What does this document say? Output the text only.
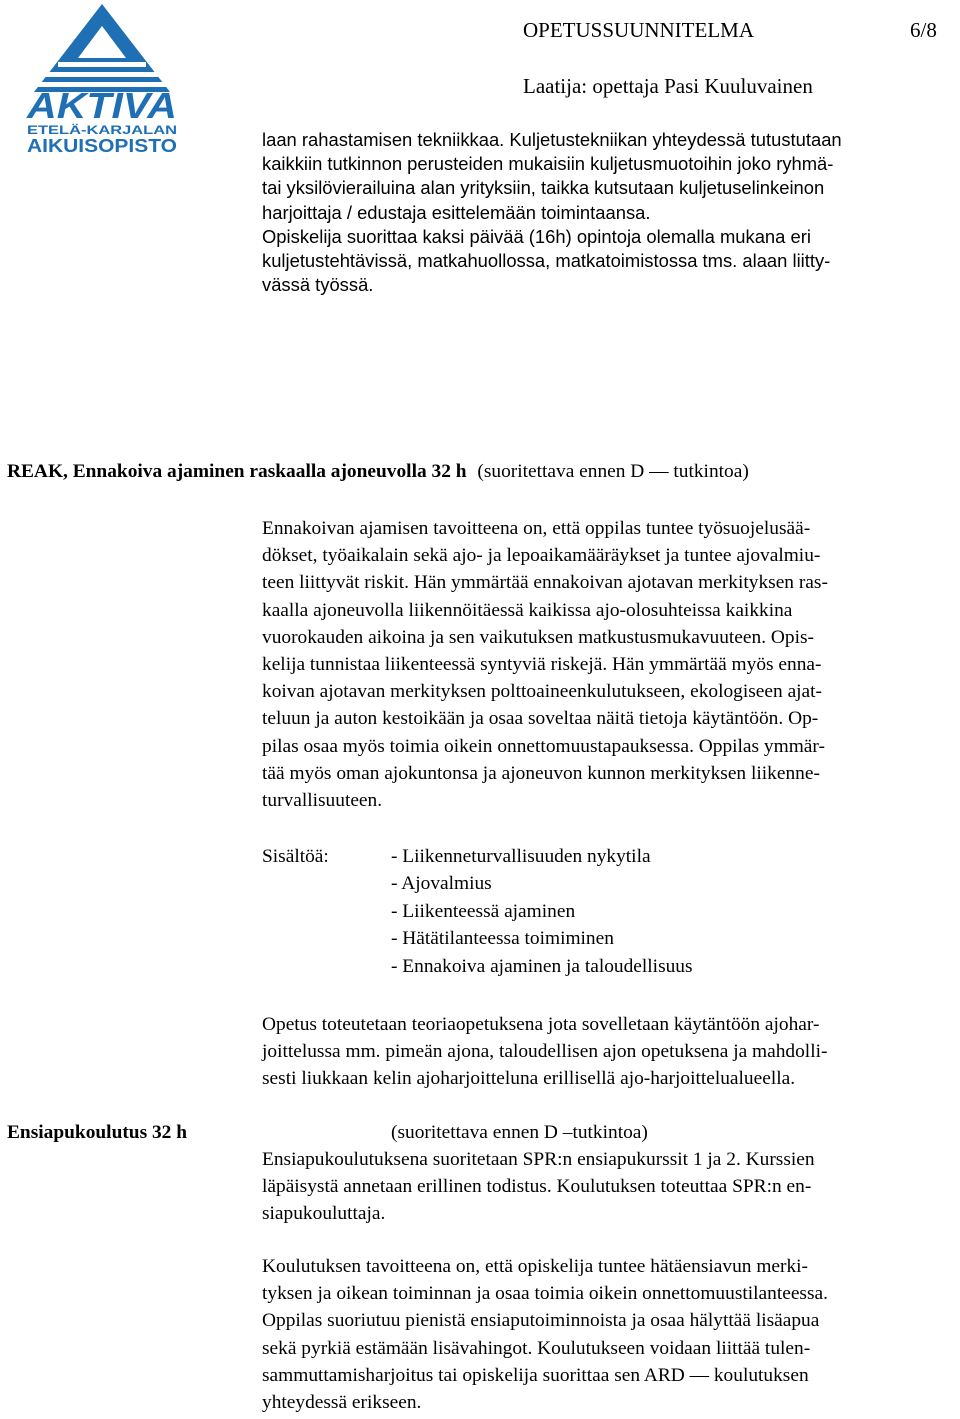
AKTIVA
ETELÄ-KARJALAN
AIKUISOPISTO
OPETUSSUUNNITELMA	6/8
Laatija: opettaja Pasi Kuuluvainen

laan rahastamisen tekniikkaa. Kuljetustekniikan yhteydessä tutustutaan

kaikkiin tutkinnon perusteiden mukaisiin kuljetusmuotoihin joko ryhmä-

tai yksilövierailuina alan yrityksiin, taikka kutsutaan kuljetuselinkeinon

harjoittaja / edustaja esittelemään toimintaansa.

Opiskelija suorittaa kaksi päivää (16h) opintoja olemalla mukana eri

kuljetustehtävissä, matkahuollossa, matkatoimistossa tms. alaan liitty-

vässä työssä.

REAK, Ennakoiva ajaminen raskaalla ajoneuvolla 32 h (suoritettava ennen D — tutkintoa)

Ennakoivan ajamisen tavoitteena on, että oppilas tuntee työsuojelusää-

dökset, työaikalain sekä ajo- ja lepoaikamääräykset ja tuntee ajovalmiu-

teen liittyvät riskit. Hän ymmärtää ennakoivan ajotavan merkityksen ras-

kaalla ajoneuvolla liikennöitäessä kaikissa ajo-olosuhteissa kaikkina

vuorokauden aikoina ja sen vaikutuksen matkustusmukavuuteen. Opis-

kelija tunnistaa liikenteessä syntyviä riskejä. Hän ymmärtää myös enna-

koivan ajotavan merkityksen polttoaineenkulutukseen, ekologiseen ajat-

teluun ja auton kestoikään ja osaa soveltaa näitä tietoja käytäntöön. Op-

pilas osaa myös toimia oikein onnettomuustapauksessa. Oppilas ymmär-

tää myös oman ajokuntonsa ja ajoneuvon kunnon merkityksen liikenne-

turvallisuuteen.

Sisältöä:	- Liikenneturvallisuuden nykytila

- Ajovalmius

- Liikenteessä ajaminen

- Hätätilanteessa toimiminen

- Ennakoiva ajaminen ja taloudellisuus

Opetus toteutetaan teoriaopetuksena jota sovelletaan käytäntöön ajohar-

joittelussa mm. pimeän ajona, taloudellisen ajon opetuksena ja mahdolli-

sesti liukkaan kelin ajoharjoitteluna erillisellä ajo-harjoittelualueella.

Ensiapukoulutus 32 h	(suoritettava ennen D –tutkintoa)

Ensiapukoulutuksena suoritetaan SPR:n ensiapukurssit 1 ja 2. Kurssien

läpäisystä annetaan erillinen todistus. Koulutuksen toteuttaa SPR:n en-

siapukouluttaja.

Koulutuksen tavoitteena on, että opiskelija tuntee hätäensiavun merki-

tyksen ja oikean toiminnan ja osaa toimia oikein onnettomuustilanteessa.

Oppilas suoriutuu pienistä ensiaputoiminnoista ja osaa hälyttää lisäapua

sekä pyrkiä estämään lisävahingot. Koulutukseen voidaan liittää tulen-

sammuttamisharjoitus tai opiskelija suorittaa sen ARD — koulutuksen

yhteydessä erikseen.
